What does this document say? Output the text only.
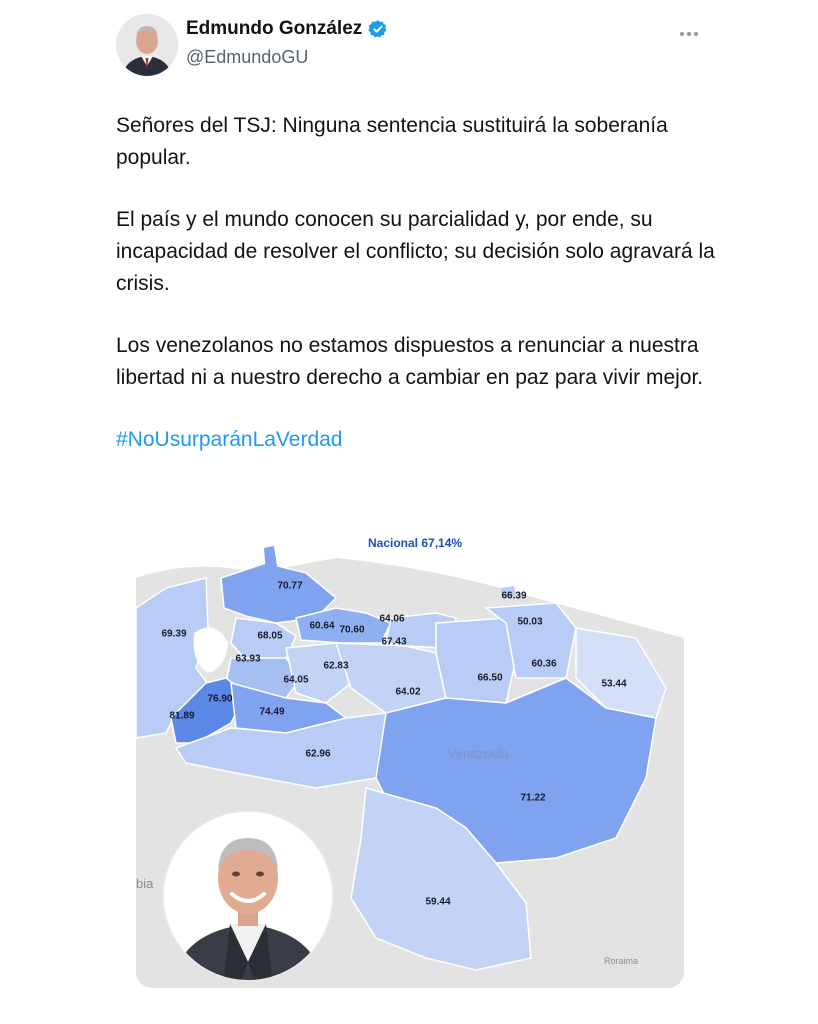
Edmundo González
@EdmundoGU

Señores del TSJ: Ninguna sentencia sustituirá la soberanía popular.

El país y el mundo conocen su parcialidad y, por ende, su incapacidad de resolver el conflicto; su decisión solo agravará la crisis.

Los venezolanos no estamos dispuestos a renunciar a nuestra libertad ni a nuestro derecho a cambiar en paz para vivir mejor.

#NoUsurparánLaVerdad

Nacional 67,14%
Venezuela
bia
Roraima
70.77
69.39	68.05
60.64 70.60
64.06
66.39
50.03
67.43
63.93
62.83
64.05
60.36
53.44
76.90
64.02
66.50
81.89	74.49
62.96
71.22
59.44
